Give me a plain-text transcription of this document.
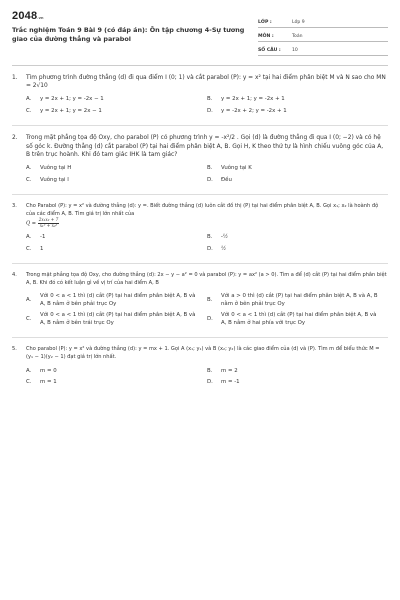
2048.vn
Trắc nghiệm Toán 9 Bài 9 (có đáp án): Ôn tập chương 4-Sự tương giao của đường thẳng và parabol
LỚP :	Lớp 9
MÔN :	Toán
SỐ CÂU :	10
1.	Tìm phương trình đường thẳng (d) đi qua điểm I (0; 1) và cắt parabol (P): y = x² tại hai điểm phân biệt M và N sao cho MN = 2√10
A.	y = 2x + 1; y = -2x − 1	B.	y = 2x + 1; y = -2x + 1
C.	y = 2x + 1; y = 2x − 1	D.	y = -2x + 2; y = -2x + 1
2.	Trong mặt phẳng tọa độ Oxy, cho parabol (P) có phương trình y = -x²/2 . Gọi (d) là đường thẳng đi qua I (0; −2) và có hệ số góc k. Đường thẳng (d) cắt parabol (P) tại hai điểm phân biệt A, B. Gọi H, K theo thứ tự là hình chiếu vuông góc của A, B trên trục hoành. Khi đó tam giác IHK là tam giác?
A.	Vuông tại H	B.	Vuông tại K
C.	Vuông tại I	D.	Đều
3.	Cho Parabol (P): y = x² và đường thẳng (d): y =. Biết đường thẳng (d) luôn cắt đồ thị (P) tại hai điểm phân biệt A, B. Gọi x₁; x₂ là hoành độ của các điểm A, B. Tìm giá trị lớn nhất của
$Q = \frac{\text{2x₁x₂ + 7}}{\text{x₁² + x₂²}}$
A.	-1	B.	-½
C.	1	D.	½
4.	Trong mặt phẳng tọa độ Oxy, cho đường thẳng (d): 2x − y − a² = 0 và parabol (P): y = ax² (a > 0). Tìm a để (d) cắt (P) tại hai điểm phân biệt A, B. Khi đó có kết luận gì về vị trí của hai điểm A, B
A.
Với 0 < a < 1 thì (d) cắt (P) tại hai điểm phân biệt A, B và A, B nằm ở bên phải trục Oy
B.
Với a > 0 thì (d) cắt (P) tại hai điểm phân biệt A, B và A, B nằm ở bên phải trục Oy
C.
Với 0 < a < 1 thì (d) cắt (P) tại hai điểm phân biệt A, B và A, B nằm ở bên trái trục Oy
D.
Với 0 < a < 1 thì (d) cắt (P) tại hai điểm phân biệt A, B và A, B nằm ở hai phía với trục Oy
5.	Cho parabol (P): y = x² và đường thẳng (d): y = mx + 1. Gọi A (x₁; y₁) và B (x₂; y₂) là các giao điểm của (d) và (P). Tìm m để biểu thức M = (y₁ − 1)(y₂ − 1) đạt giá trị lớn nhất.
A.	m = 0	B.	m = 2
C.	m = 1	D.	m = -1
